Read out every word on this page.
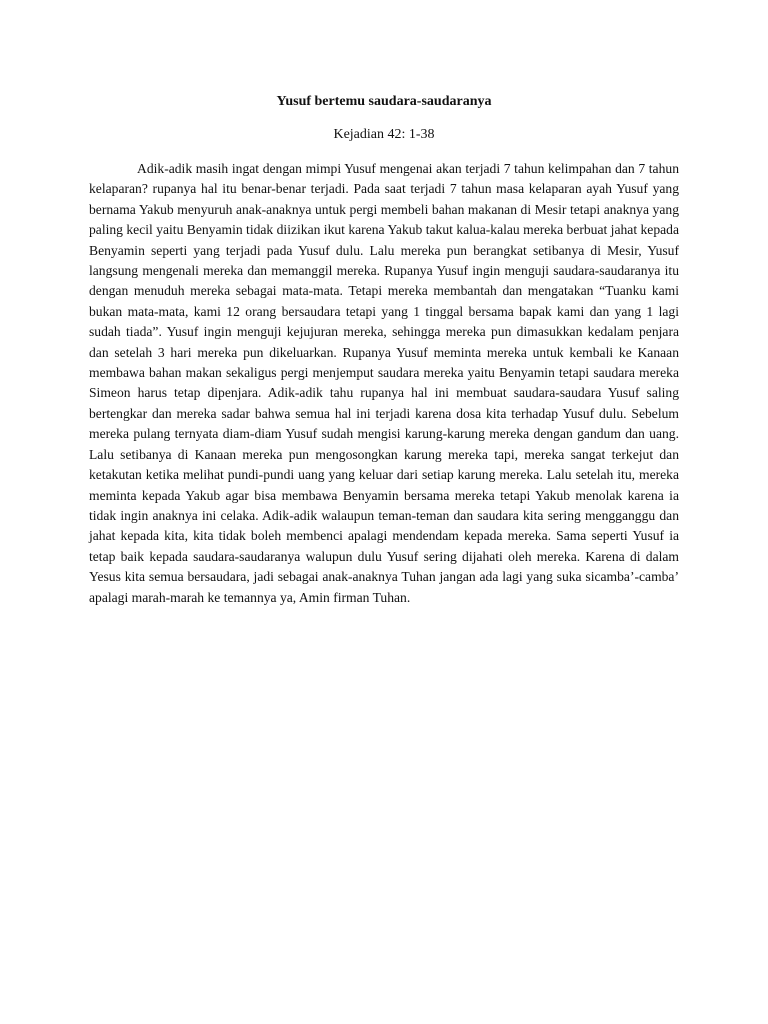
Yusuf bertemu saudara-saudaranya

Kejadian 42: 1-38

Adik-adik masih ingat dengan mimpi Yusuf mengenai akan terjadi 7 tahun kelimpahan dan 7 tahun kelaparan? rupanya hal itu benar-benar terjadi. Pada saat terjadi 7 tahun masa kelaparan ayah Yusuf yang bernama Yakub menyuruh anak-anaknya untuk pergi membeli bahan makanan di Mesir tetapi anaknya yang paling kecil yaitu Benyamin tidak diizikan ikut karena Yakub takut kalua-kalau mereka berbuat jahat kepada Benyamin seperti yang terjadi pada Yusuf dulu. Lalu mereka pun berangkat setibanya di Mesir, Yusuf langsung mengenali mereka dan memanggil mereka. Rupanya Yusuf ingin menguji saudara-saudaranya itu dengan menuduh mereka sebagai mata-mata. Tetapi mereka membantah dan mengatakan “Tuanku kami bukan mata-mata, kami 12 orang bersaudara tetapi yang 1 tinggal bersama bapak kami dan yang 1 lagi sudah tiada”. Yusuf ingin menguji kejujuran mereka, sehingga mereka pun dimasukkan kedalam penjara dan setelah 3 hari mereka pun dikeluarkan. Rupanya Yusuf meminta mereka untuk kembali ke Kanaan membawa bahan makan sekaligus pergi menjemput saudara mereka yaitu Benyamin tetapi saudara mereka Simeon harus tetap dipenjara. Adik-adik tahu rupanya hal ini membuat saudara-saudara Yusuf saling bertengkar dan mereka sadar bahwa semua hal ini terjadi karena dosa kita terhadap Yusuf dulu. Sebelum mereka pulang ternyata diam-diam Yusuf sudah mengisi karung-karung mereka dengan gandum dan uang. Lalu setibanya di Kanaan mereka pun mengosongkan karung mereka tapi, mereka sangat terkejut dan ketakutan ketika melihat pundi-pundi uang yang keluar dari setiap karung mereka. Lalu setelah itu, mereka meminta kepada Yakub agar bisa membawa Benyamin bersama mereka tetapi Yakub menolak karena ia tidak ingin anaknya ini celaka. Adik-adik walaupun teman-teman dan saudara kita sering mengganggu dan jahat kepada kita, kita tidak boleh membenci apalagi mendendam kepada mereka. Sama seperti Yusuf ia tetap baik kepada saudara-saudaranya walupun dulu Yusuf sering dijahati oleh mereka. Karena di dalam Yesus kita semua bersaudara, jadi sebagai anak-anaknya Tuhan jangan ada lagi yang suka sicamba’-camba’ apalagi marah-marah ke temannya ya, Amin firman Tuhan.
